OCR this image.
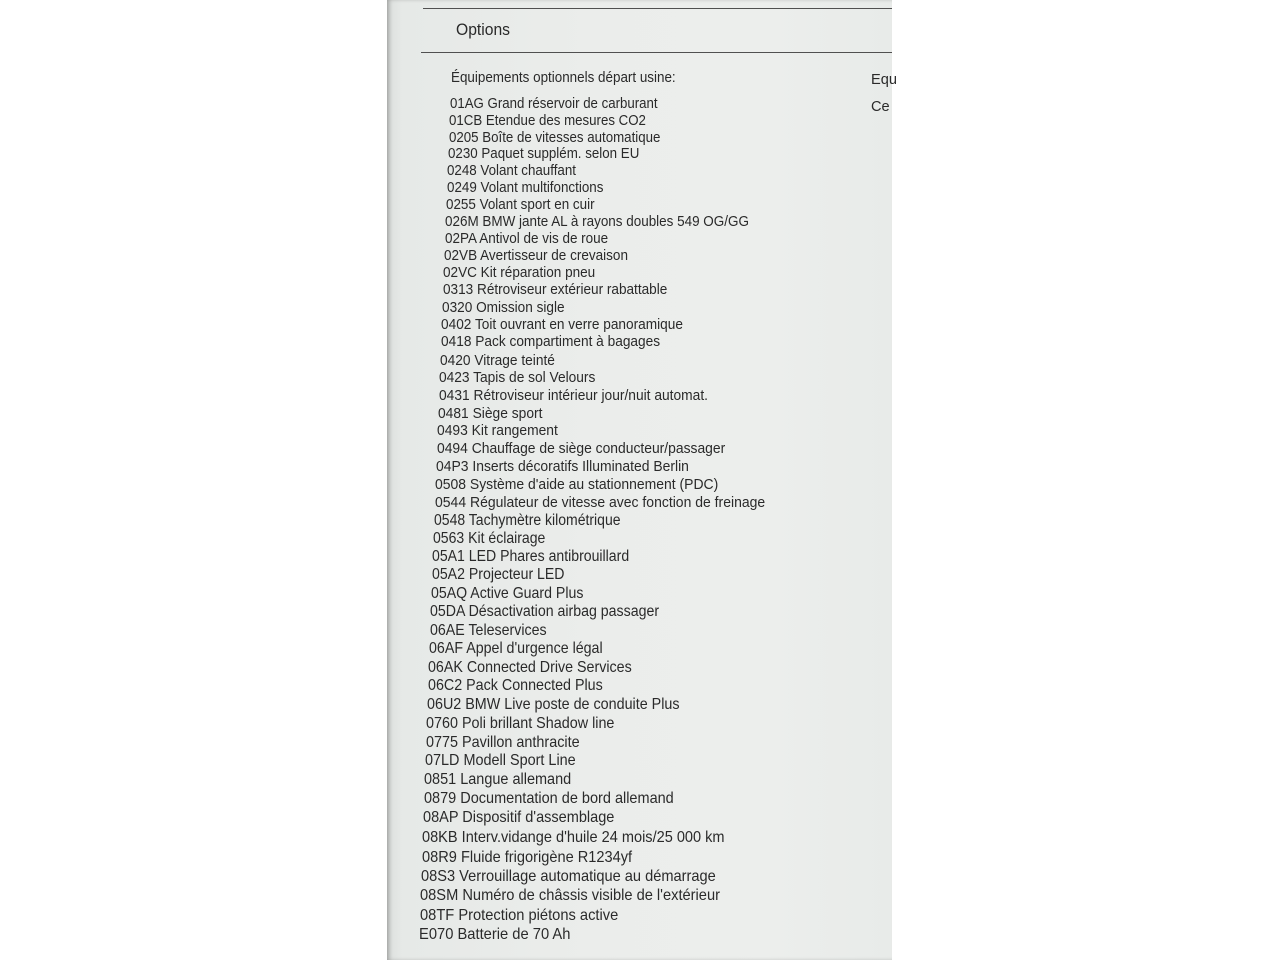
Options
Équipements optionnels départ usine:	Equ
Ce
01AG Grand réservoir de carburant
01CB Etendue des mesures CO2
0205 Boîte de vitesses automatique
0230 Paquet supplém. selon EU
0248 Volant chauffant
0249 Volant multifonctions
0255 Volant sport en cuir
026M BMW jante AL à rayons doubles 549 OG/GG
02PA Antivol de vis de roue
02VB Avertisseur de crevaison
02VC Kit réparation pneu
0313 Rétroviseur extérieur rabattable
0320 Omission sigle
0402 Toit ouvrant en verre panoramique
0418 Pack compartiment à bagages
0420 Vitrage teinté
0423 Tapis de sol Velours
0431 Rétroviseur intérieur jour/nuit automat.
0481 Siège sport
0493 Kit rangement
0494 Chauffage de siège conducteur/passager
04P3 Inserts décoratifs Illuminated Berlin
0508 Système d'aide au stationnement (PDC)
0544 Régulateur de vitesse avec fonction de freinage
0548 Tachymètre kilométrique
0563 Kit éclairage
05A1 LED Phares antibrouillard
05A2 Projecteur LED
05AQ Active Guard Plus
05DA Désactivation airbag passager
06AE Teleservices
06AF Appel d'urgence légal
06AK Connected Drive Services
06C2 Pack Connected Plus
06U2 BMW Live poste de conduite Plus
0760 Poli brillant Shadow line
0775 Pavillon anthracite
07LD Modell Sport Line
0851 Langue allemand
0879 Documentation de bord allemand
08AP Dispositif d'assemblage
08KB Interv.vidange d'huile 24 mois/25 000 km
08R9 Fluide frigorigène R1234yf
08S3 Verrouillage automatique au démarrage
08SM Numéro de châssis visible de l'extérieur
08TF Protection piétons active
E070 Batterie de 70 Ah
